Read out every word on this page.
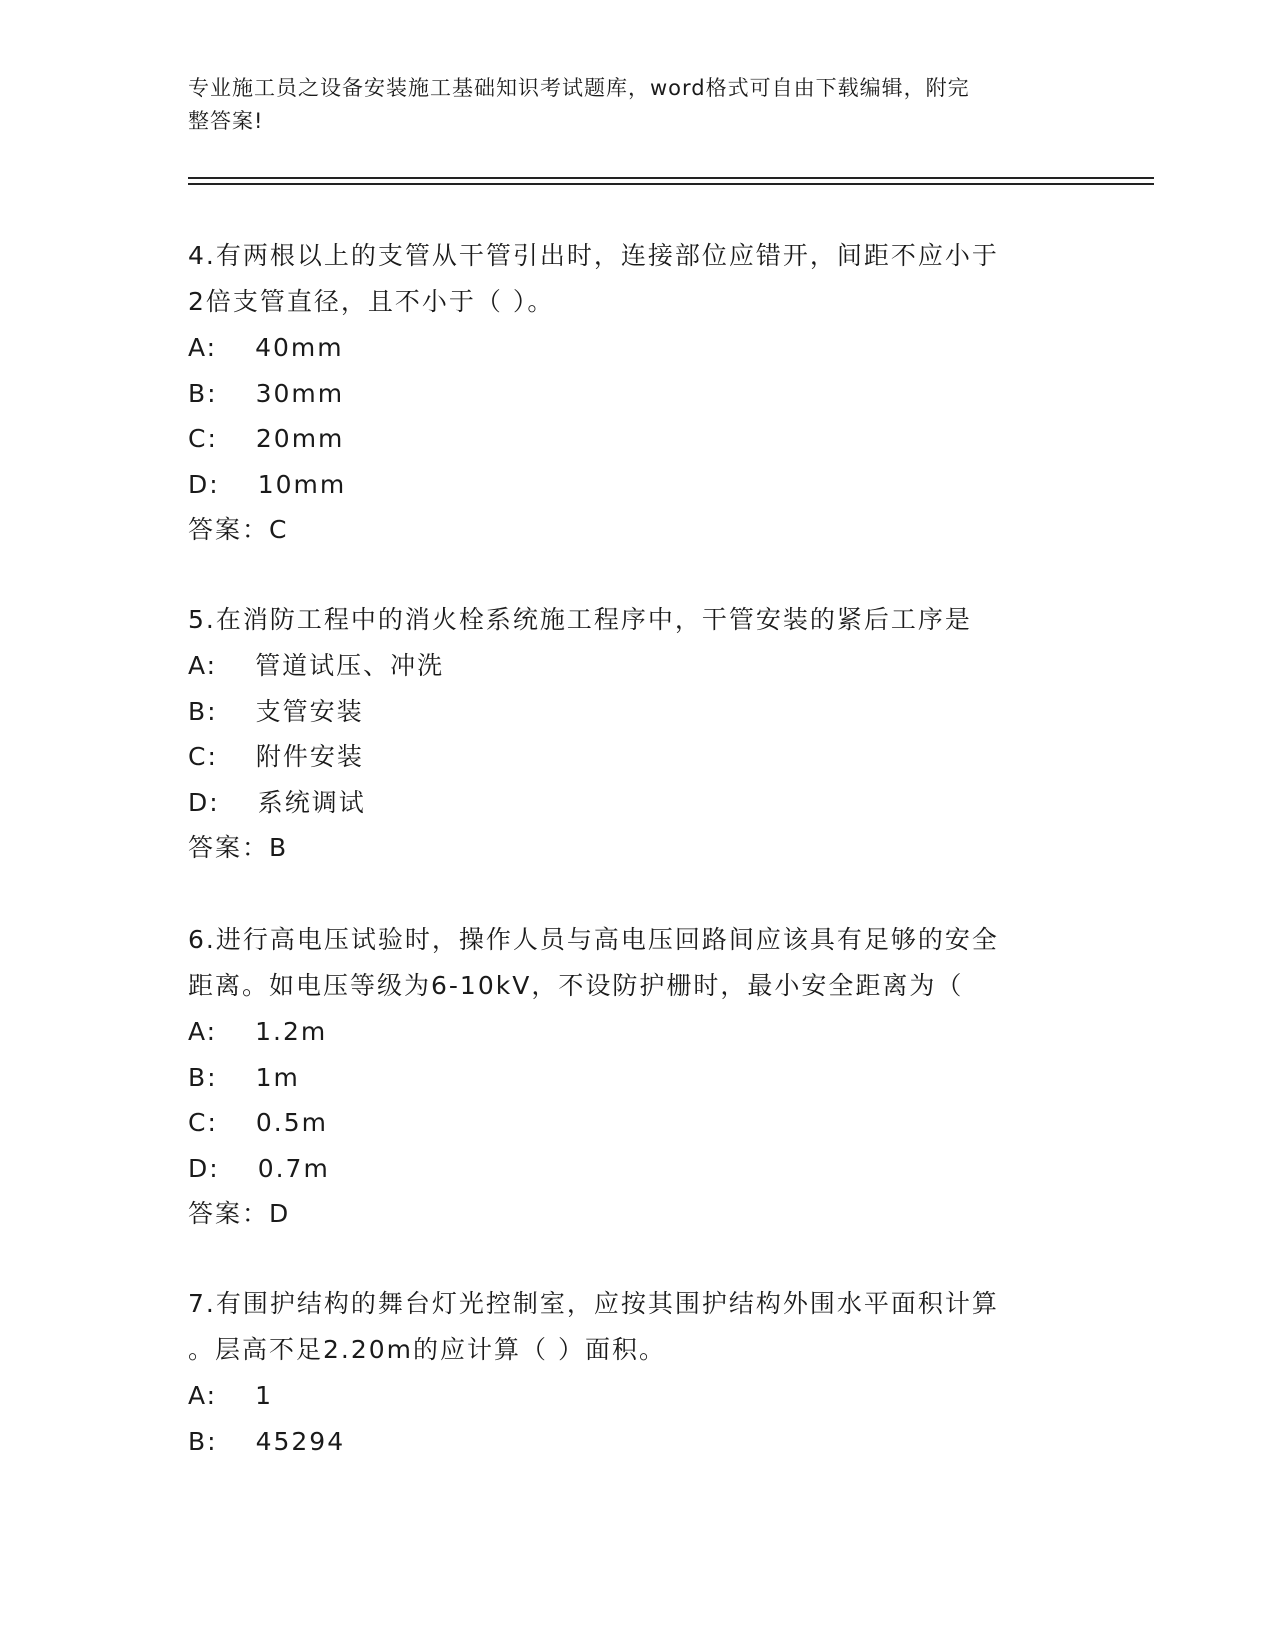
专业施工员之设备安装施工基础知识考试题库，word格式可自由下载编辑，附完
整答案!

4.有两根以上的支管从干管引出时，连接部位应错开，间距不应小于

2倍支管直径，且不小于（ ）。

A: 40mm

B: 30mm

C: 20mm

D: 10mm

答案：C

5.在消防工程中的消火栓系统施工程序中，干管安装的紧后工序是

A: 管道试压、冲洗

B: 支管安装

C: 附件安装

D: 系统调试

答案：B

6.进行高电压试验时，操作人员与高电压回路间应该具有足够的安全

距离。如电压等级为6-10kV，不设防护栅时，最小安全距离为（

A: 1.2m

B: 1m

C: 0.5m

D: 0.7m

答案：D

7.有围护结构的舞台灯光控制室，应按其围护结构外围水平面积计算

。层高不足2.20m的应计算（ ）面积。

A: 1

B: 45294
